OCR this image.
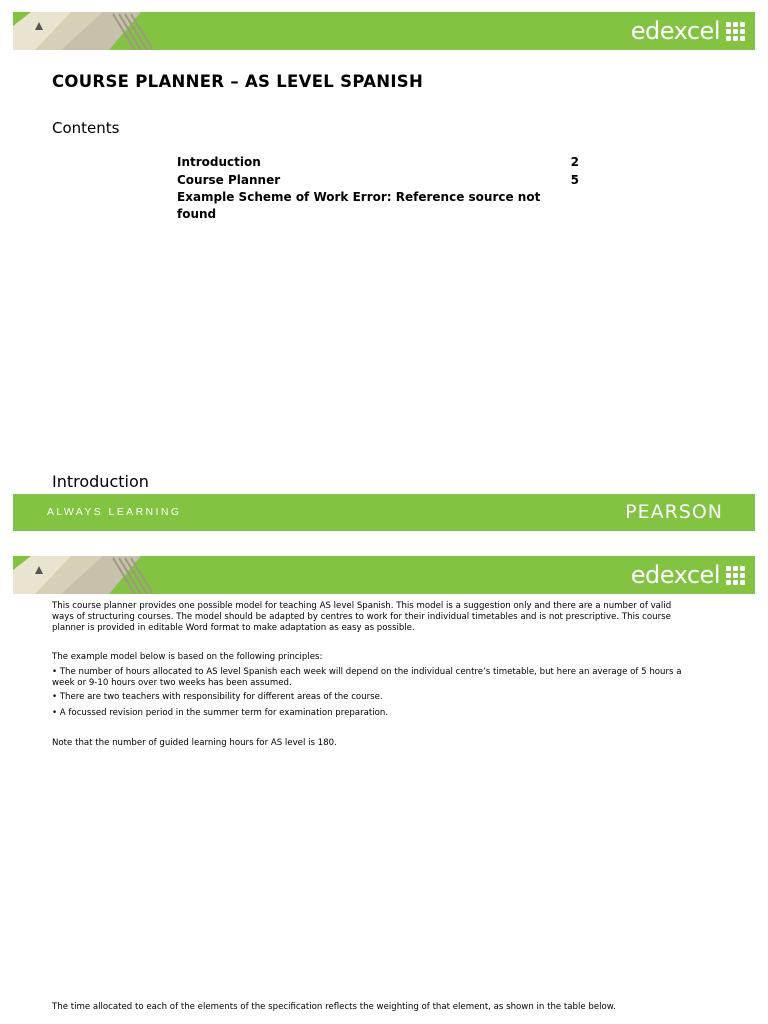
edexcel
COURSE PLANNER – AS LEVEL SPANISH
Contents
Introduction	2
Course Planner	5
Example Scheme of Work Error: Reference source not found
Introduction
ALWAYS LEARNING	PEARSON
edexcel

This course planner provides one possible model for teaching AS level Spanish. This model is a suggestion only and there are a number of valid ways of structuring courses. The model should be adapted by centres to work for their individual timetables and is not prescriptive. This course planner is provided in editable Word format to make adaptation as easy as possible.

The example model below is based on the following principles:

• The number of hours allocated to AS level Spanish each week will depend on the individual centre’s timetable, but here an average of 5 hours a week or 9-10 hours over two weeks has been assumed.

• There are two teachers with responsibility for different areas of the course.

• A focussed revision period in the summer term for examination preparation.

Note that the number of guided learning hours for AS level is 180.

The time allocated to each of the elements of the specification reflects the weighting of that element, as shown in the table below.
